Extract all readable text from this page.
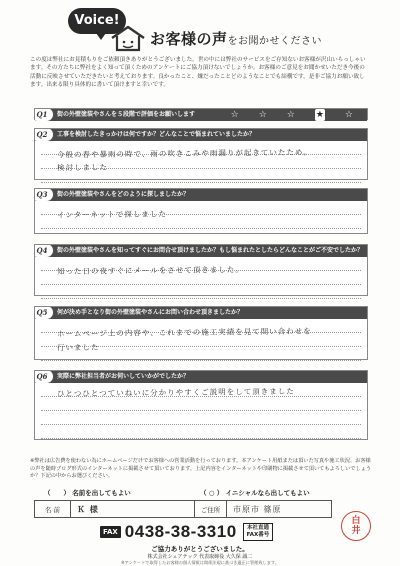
Voice!
お客様の声をお聞かせください
この度は弊社にお見積もりをご依頼頂きありがとうございました。世の中には弊社のサービスをご存知ないお客様が沢山いらっしゃいます。その方たちに弊社をよく知って頂くためのアンケートにご協力頂けないでしょうか。お客様のご意見をお聞かせいただき今後の活動に反映させていただきたいと考えております。良かったこと、嫌だったことどのようなことでも結構です。是非ご協力お願い致します。出来る限り具体的に書いて頂けますと幸いです。
Q1	街の外壁塗装やさんを５段階で評価をお願いします	☆ ☆ ☆ ★ ☆
Q2	工事を検討したきっかけは何ですか？どんなことで悩まれていましたか？
今般の春や暴雨の時で、雨の吹きこみや雨漏りが起きていたため。
検討しました
Q3	街の外壁塗装やさんをどのように探しましたか？
インターネットで探しました
Q4	街の外壁塗装やさんを知ってすぐにお問合せ頂けましたか？もし悩まれたとしたらどんなことがご不安でしたか？
知った日の夜すぐにメールをさせて頂きました。
Q5	何が決め手となり街の外壁塗装やさんにお問い合わせ頂きましたか？
ホームページ上の内容や、これまでの施工実績を見て問い合わせを
行いました
Q6	実際に弊社担当者がお伺いしていかがでしたか？
ひとつひとつていねいに分かりやすくご説明をして頂きました
※弊社は広告費を使わない為にホームページだけでお客様への営業活動を行っております。本アンケート用紙または頂いた写真や施工状況、お客様の声を随時ブログ形式のインターネットに掲載させて頂いております。上記内容をインターネットや印刷物に掲載させて頂いてもよろしいでしょうか？下記の中からお選びください。
（　　） 名前を出してもよい	（ ○ ） イニシャルなら出してもよい
名 前	Ｋ 様	ご住所	市原市 篠原
FAX 0438-38-3310 本社直通
FAX番号
白
井
ご協力ありがとうございました。
株式会社シェアテック 代表取締役 大久保 誠二
※アンケートで取得したお客様の個人情報は関係法規に基づき適正に管理致します。
